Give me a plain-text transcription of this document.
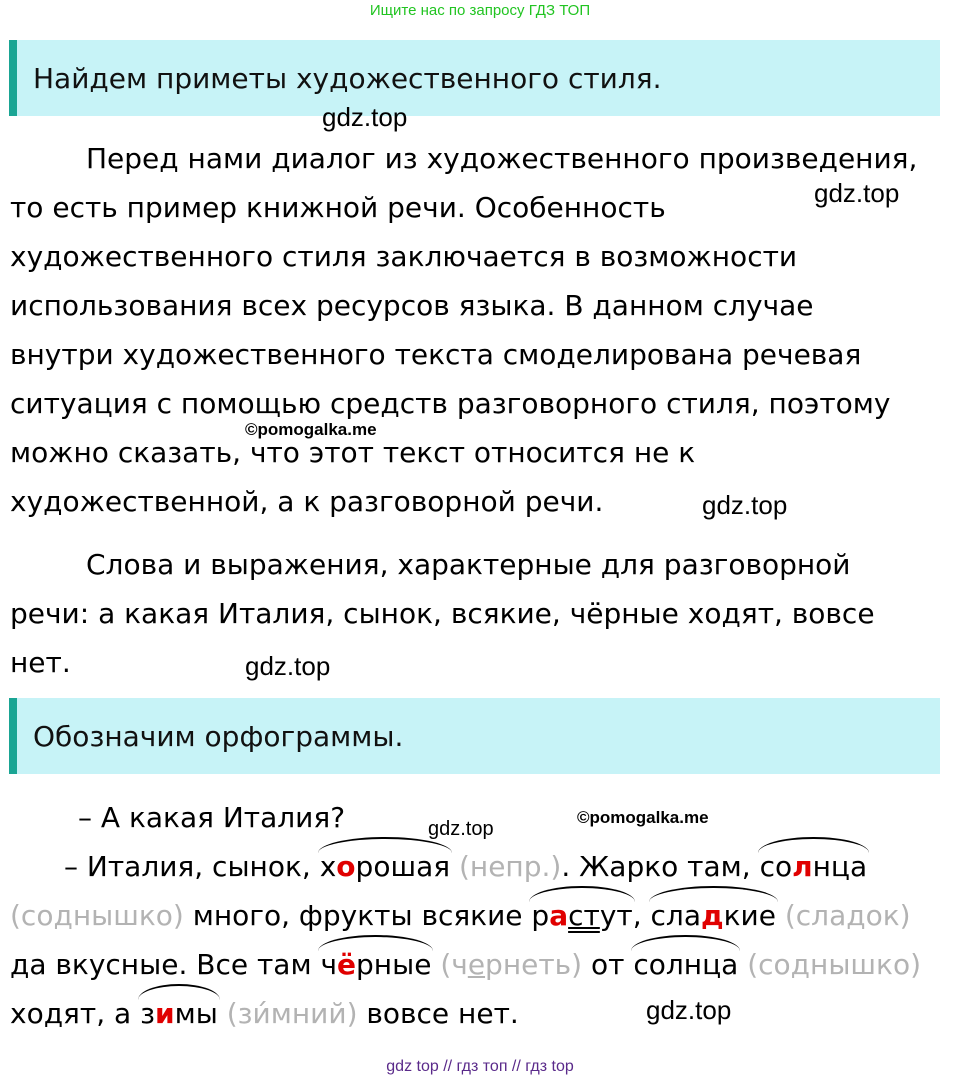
Ищите нас по запросу ГДЗ ТОП
Найдем приметы художественного стиля.
Перед нами диалог из художественного произведения,
то есть пример книжной речи. Особенность
художественного стиля заключается в возможности
использования всех ресурсов языка. В данном случае
внутри художественного текста смоделирована речевая
ситуация с помощью средств разговорного стиля, поэтому
можно сказать, что этот текст относится не к
художественной, а к разговорной речи.
Слова и выражения, характерные для разговорной
речи: а какая Италия, сынок, всякие, чёрные ходят, вовсе
нет.
Обозначим орфограммы.
– А какая Италия?
– Италия, сынок, хорошая (непр.). Жарко там, солнца
(соднышко) много, фрукты всякие растут, сладкие (сладок)
да вкусные. Все там чёрные (чернеть) от солнца (соднышко)
ходят, а зимы (зимний) вовсе нет.
gdz.top
gdz.top
gdz.top
gdz.top
gdz.top
gdz.top
©pomogalka.me
©pomogalka.me
gdz top // гдз топ // гдз top
